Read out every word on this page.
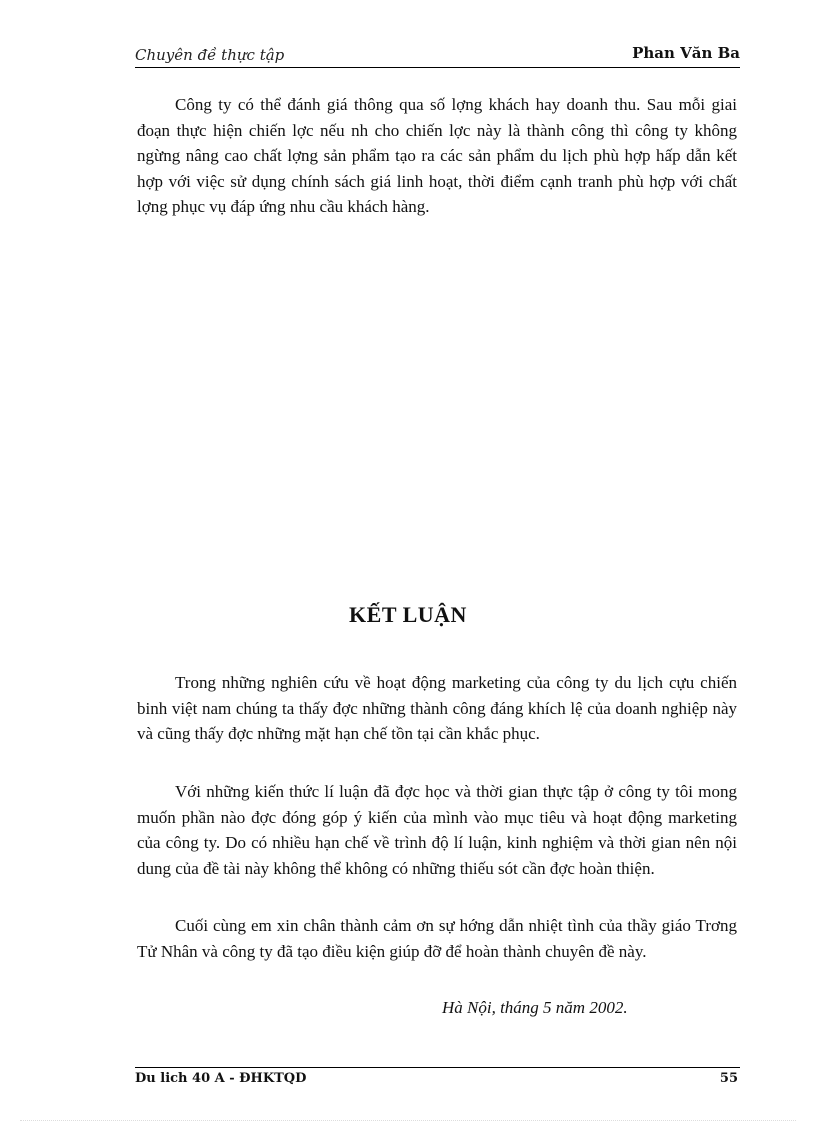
Chuyên đề thực tập	Phan Văn Ba

Công ty có thể đánh giá thông qua số lợng khách hay doanh thu. Sau mỗi giai đoạn thực hiện chiến lợc nếu nh cho chiến lợc này là thành công thì công ty không ngừng nâng cao chất lợng sản phẩm tạo ra các sản phẩm du lịch phù hợp hấp dẫn kết hợp với việc sử dụng chính sách giá linh hoạt, thời điểm cạnh tranh phù hợp với chất lợng phục vụ đáp ứng nhu cầu khách hàng.

KẾT LUẬN

Trong những nghiên cứu về hoạt động marketing của công ty du lịch cựu chiến binh việt nam chúng ta thấy đợc những thành công đáng khích lệ của doanh nghiệp này và cũng thấy đợc những mặt hạn chế tồn tại cần khắc phục.

Với những kiến thức lí luận đã đợc học và thời gian thực tập ở công ty tôi mong muốn phần nào đợc đóng góp ý kiến của mình vào mục tiêu và hoạt động marketing của công ty. Do có nhiều hạn chế về trình độ lí luận, kinh nghiệm và thời gian nên nội dung của đề tài này không thể không có những thiếu sót cần đợc hoàn thiện.

Cuối cùng em xin chân thành cảm ơn sự hớng dẫn nhiệt tình của thầy giáo Trơng Tử Nhân và công ty đã tạo điều kiện giúp đỡ để hoàn thành chuyên đề này.

Hà Nội, tháng 5 năm 2002.
Du lich 40 A - ĐHKTQD	55
